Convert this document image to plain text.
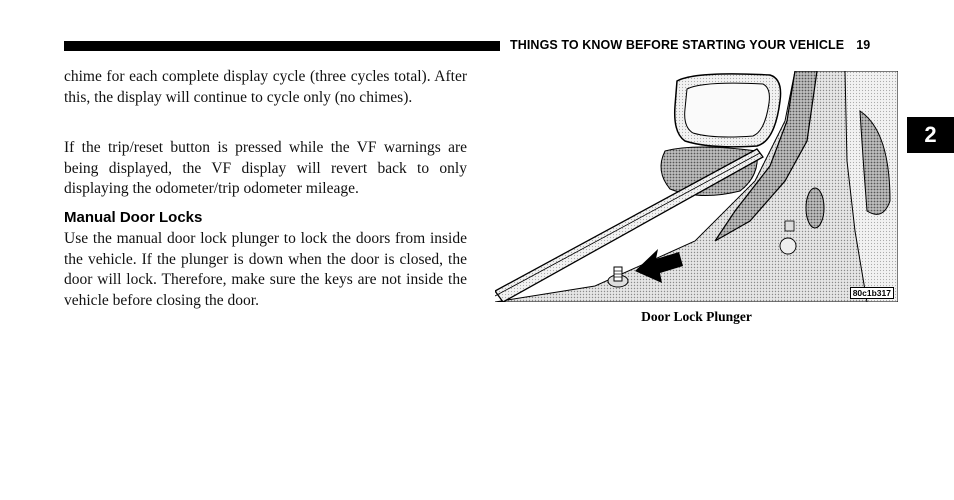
THINGS TO KNOW BEFORE STARTING YOUR VEHICLE 19
2
chime for each complete display cycle (three cycles total). After this, the display will continue to cycle only (no chimes).
If the trip/reset button is pressed while the VF warnings are being displayed, the VF display will revert back to only displaying the odometer/trip odometer mileage.
Manual Door Locks
Use the manual door lock plunger to lock the doors from inside the vehicle. If the plunger is down when the door is closed, the door will lock. Therefore, make sure the keys are not inside the vehicle before closing the door.	80c1b317
Door Lock Plunger
